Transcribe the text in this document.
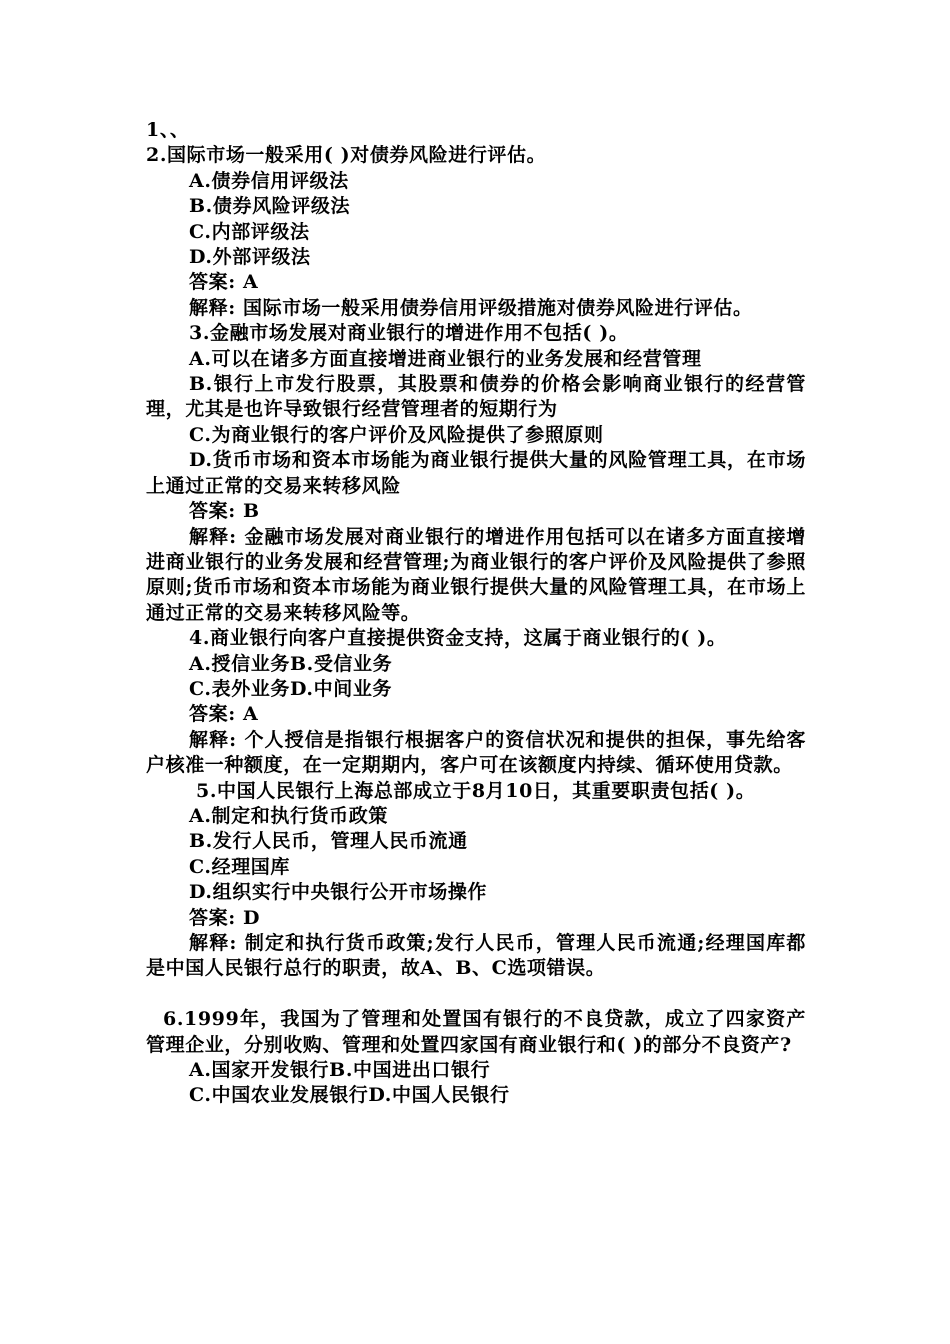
1、、
2.国际市场一般采用( )对债券风险进行评估。
A.债券信用评级法
B.债券风险评级法
C.内部评级法
D.外部评级法
答案: A
解释: 国际市场一般采用债券信用评级措施对债券风险进行评估。
3.金融市场发展对商业银行的增进作用不包括( )。
A.可以在诸多方面直接增进商业银行的业务发展和经营管理
B.银行上市发行股票，其股票和债券的价格会影响商业银行的经营管理，尤其是也许导致银行经营管理者的短期行为
C.为商业银行的客户评价及风险提供了参照原则
D.货币市场和资本市场能为商业银行提供大量的风险管理工具，在市场上通过正常的交易来转移风险
答案: B
解释: 金融市场发展对商业银行的增进作用包括可以在诸多方面直接增进商业银行的业务发展和经营管理;为商业银行的客户评价及风险提供了参照原则;货币市场和资本市场能为商业银行提供大量的风险管理工具，在市场上通过正常的交易来转移风险等。
4.商业银行向客户直接提供资金支持，这属于商业银行的( )。
A.授信业务B.受信业务
C.表外业务D.中间业务
答案: A
解释: 个人授信是指银行根据客户的资信状况和提供的担保，事先给客户核准一种额度，在一定期期内，客户可在该额度内持续、循环使用贷款。
5.中国人民银行上海总部成立于8月10日，其重要职责包括( )。
A.制定和执行货币政策
B.发行人民币，管理人民币流通
C.经理国库
D.组织实行中央银行公开市场操作
答案: D
解释: 制定和执行货币政策;发行人民币，管理人民币流通;经理国库都是中国人民银行总行的职责，故A、B、C选项错误。
6.1999年，我国为了管理和处置国有银行的不良贷款，成立了四家资产管理企业，分别收购、管理和处置四家国有商业银行和( )的部分不良资产?
A.国家开发银行B.中国进出口银行
C.中国农业发展银行D.中国人民银行
